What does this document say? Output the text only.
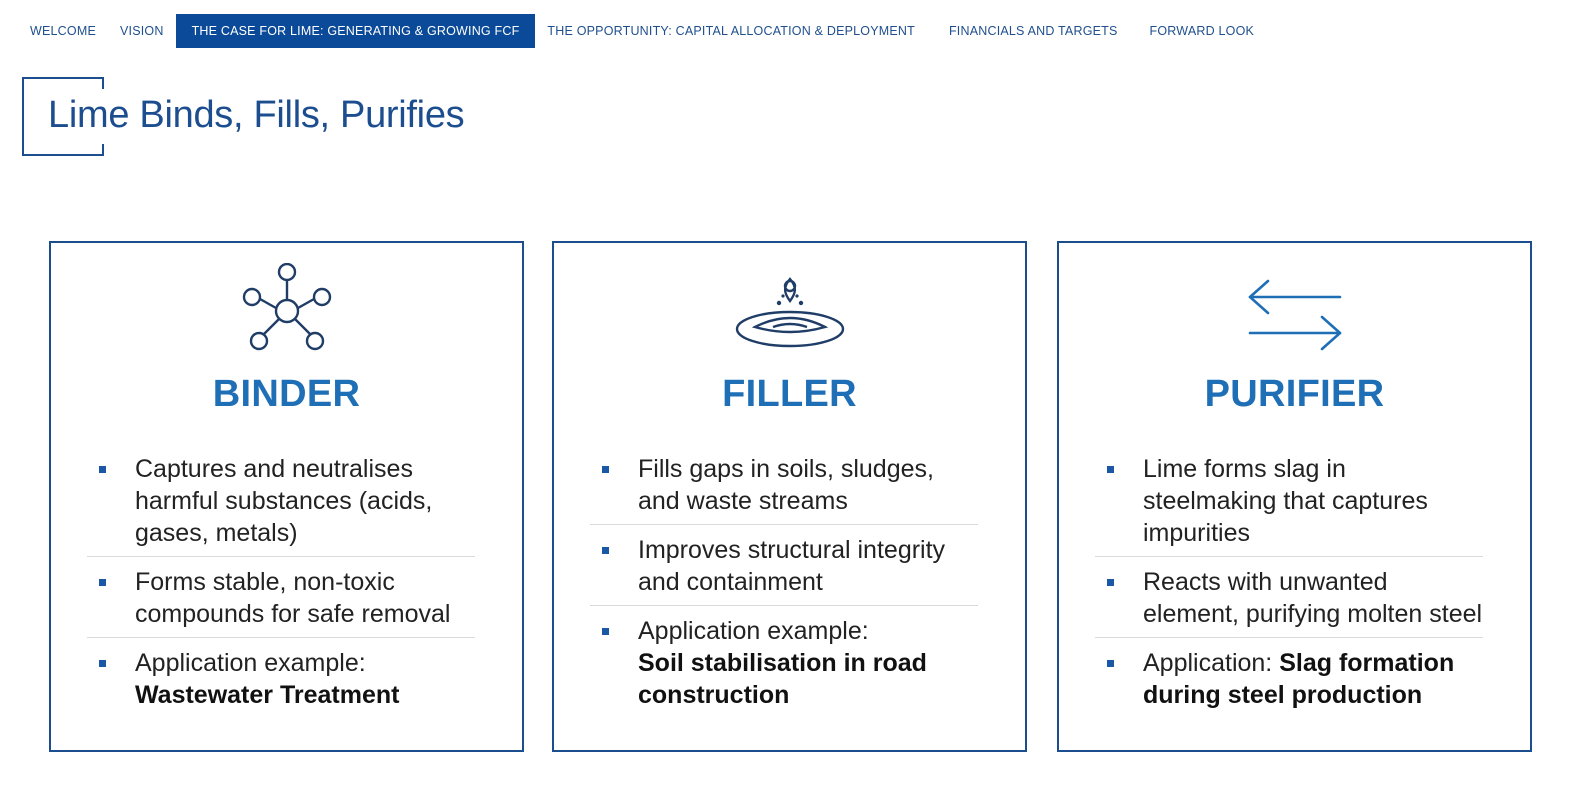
WELCOME	VISION	THE CASE FOR LIME: GENERATING & GROWING FCF	THE OPPORTUNITY: CAPITAL ALLOCATION & DEPLOYMENT	FINANCIALS AND TARGETS	FORWARD LOOK
Lime Binds, Fills, Purifies
BINDER
Captures and neutralises harmful substances (acids, gases, metals)
Forms stable, non-toxic compounds for safe removal
Application example:
Wastewater Treatment
FILLER
Fills gaps in soils, sludges, and waste streams
Improves structural integrity and containment
Application example:
Soil stabilisation in road construction
PURIFIER
Lime forms slag in steelmaking that captures impurities
Reacts with unwanted element, purifying molten steel
Application: Slag formation during steel production
